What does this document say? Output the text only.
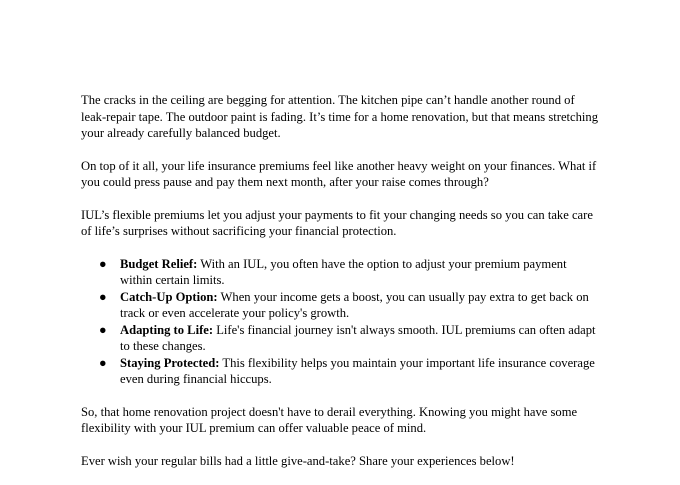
The cracks in the ceiling are begging for attention. The kitchen pipe can’t handle another round of leak-repair tape. The outdoor paint is fading. It’s time for a home renovation, but that means stretching your already carefully balanced budget.

On top of it all, your life insurance premiums feel like another heavy weight on your finances. What if you could press pause and pay them next month, after your raise comes through?

IUL’s flexible premiums let you adjust your payments to fit your changing needs so you can take care of life’s surprises without sacrificing your financial protection.

● Budget Relief: With an IUL, you often have the option to adjust your premium payment within certain limits.
● Catch-Up Option: When your income gets a boost, you can usually pay extra to get back on track or even accelerate your policy's growth.
● Adapting to Life: Life's financial journey isn't always smooth. IUL premiums can often adapt to these changes.
● Staying Protected: This flexibility helps you maintain your important life insurance coverage even during financial hiccups.

So, that home renovation project doesn't have to derail everything. Knowing you might have some flexibility with your IUL premium can offer valuable peace of mind.

Ever wish your regular bills had a little give-and-take? Share your experiences below!
